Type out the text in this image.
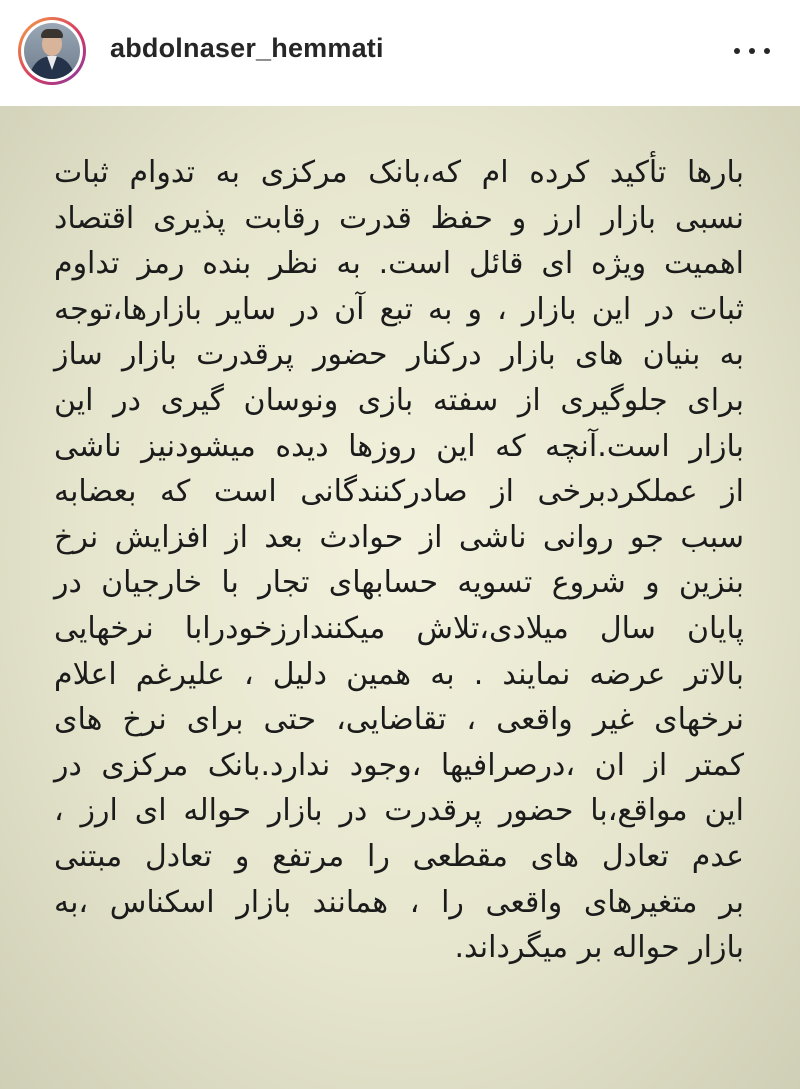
abdolnaser_hemmati
بارها تأکید کرده ام که،بانک مرکزی به تدوام ثبات
نسبی بازار ارز و حفظ قدرت رقابت پذیری اقتصاد
اهمیت ویژه ای قائل است. به نظر بنده رمز تداوم
ثبات در این بازار ، و به تبع آن در سایر بازارها،توجه
به بنیان های بازار درکنار حضور پرقدرت بازار ساز
برای جلوگیری از سفته بازی ونوسان گیری در این
بازار است.آنچه که این روزها دیده میشودنیز ناشی
از عملکردبرخی از صادرکنندگانی است که بعضابه
سبب جو روانی ناشی از حوادث بعد از افزایش نرخ
بنزین و شروع تسویه حسابهای تجار با خارجیان در
پایان سال میلادی،تلاش میکنندارزخودرابا نرخهایی
بالاتر عرضه نمایند . به همین دلیل ، علیرغم اعلام
نرخهای غیر واقعی ، تقاضایی، حتی برای نرخ های
کمتر از ان ،درصرافیها ،وجود ندارد.بانک مرکزی در
این مواقع،با حضور پرقدرت در بازار حواله ای ارز ،
عدم تعادل های مقطعی را مرتفع و تعادل مبتنی
بر متغیرهای واقعی را ، همانند بازار اسکناس ،به
بازار حواله بر میگرداند.
